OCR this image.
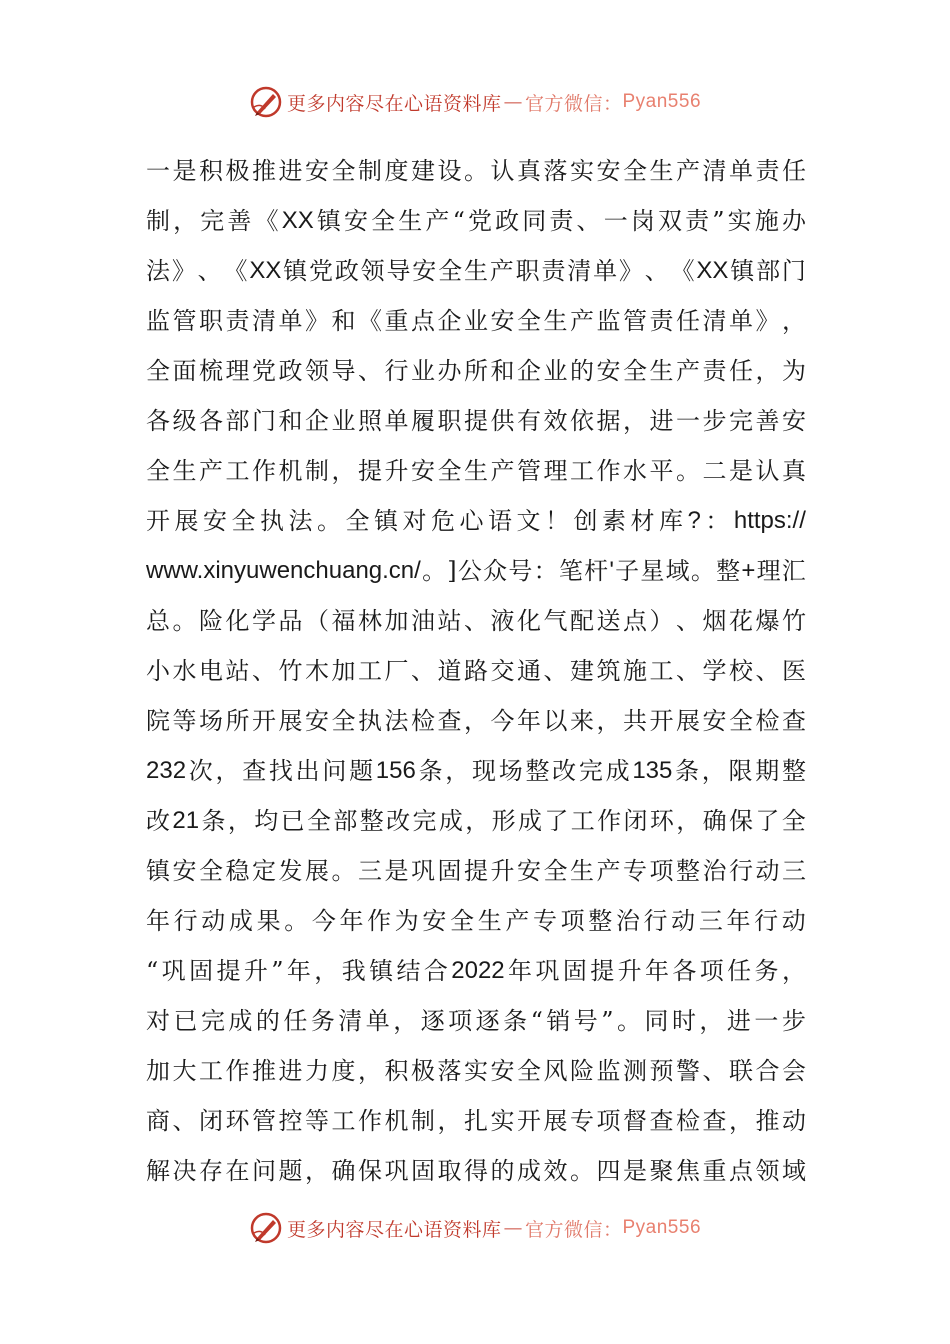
更多内容尽在心语资料库 — 官方微信： Pyan556
一 是 积 极 推 进 安 全 制 度 建 设 。 认 真 落 实 安 全 生 产 清 单 责 任
制 ， 完 善 《 XX 镇 安 全 生 产 “ 党 政 同 责 、 一 岗 双 责 ” 实 施 办
法 》 、 《 XX 镇 党 政 领 导 安 全 生 产 职 责 清 单 》 、 《 XX 镇 部 门
监 管 职 责 清 单 》 和 《 重 点 企 业 安 全 生 产 监 管 责 任 清 单 》 ，
全 面 梳 理 党 政 领 导 、 行 业 办 所 和 企 业 的 安 全 生 产 责 任 ， 为
各 级 各 部 门 和 企 业 照 单 履 职 提 供 有 效 依 据 ， 进 一 步 完 善 安
全 生 产 工 作 机 制 ， 提 升 安 全 生 产 管 理 工 作 水 平 。 二 是 认 真
开 展 安 全 执 法 。 全 镇 对 危 心 语 文 ！ 创 素 材 库 ? ： https://
www.xinyuwenchuang.cn/ 。 ] 公 众 号 ： 笔 杆 ' 子 星 域 。 整 + 理 汇
总 。 险 化 学 品 （ 福 林 加 油 站 、 液 化 气 配 送 点 ） 、 烟 花 爆 竹
小 水 电 站 、 竹 木 加 工 厂 、 道 路 交 通 、 建 筑 施 工 、 学 校 、 医
院 等 场 所 开 展 安 全 执 法 检 查 ， 今 年 以 来 ， 共 开 展 安 全 检 查
232 次 ， 查 找 出 问 题 156 条 ， 现 场 整 改 完 成 135 条 ， 限 期 整
改 21 条 ， 均 已 全 部 整 改 完 成 ， 形 成 了 工 作 闭 环 ， 确 保 了 全
镇 安 全 稳 定 发 展 。 三 是 巩 固 提 升 安 全 生 产 专 项 整 治 行 动 三
年 行 动 成 果 。 今 年 作 为 安 全 生 产 专 项 整 治 行 动 三 年 行 动
“ 巩 固 提 升 ” 年 ， 我 镇 结 合 2022 年 巩 固 提 升 年 各 项 任 务 ，
对 已 完 成 的 任 务 清 单 ， 逐 项 逐 条 “ 销 号 ” 。 同 时 ， 进 一 步
加 大 工 作 推 进 力 度 ， 积 极 落 实 安 全 风 险 监 测 预 警 、 联 合 会
商 、 闭 环 管 控 等 工 作 机 制 ， 扎 实 开 展 专 项 督 查 检 查 ， 推 动
解 决 存 在 问 题 ， 确 保 巩 固 取 得 的 成 效 。 四 是 聚 焦 重 点 领 域
更多内容尽在心语资料库 — 官方微信： Pyan556
